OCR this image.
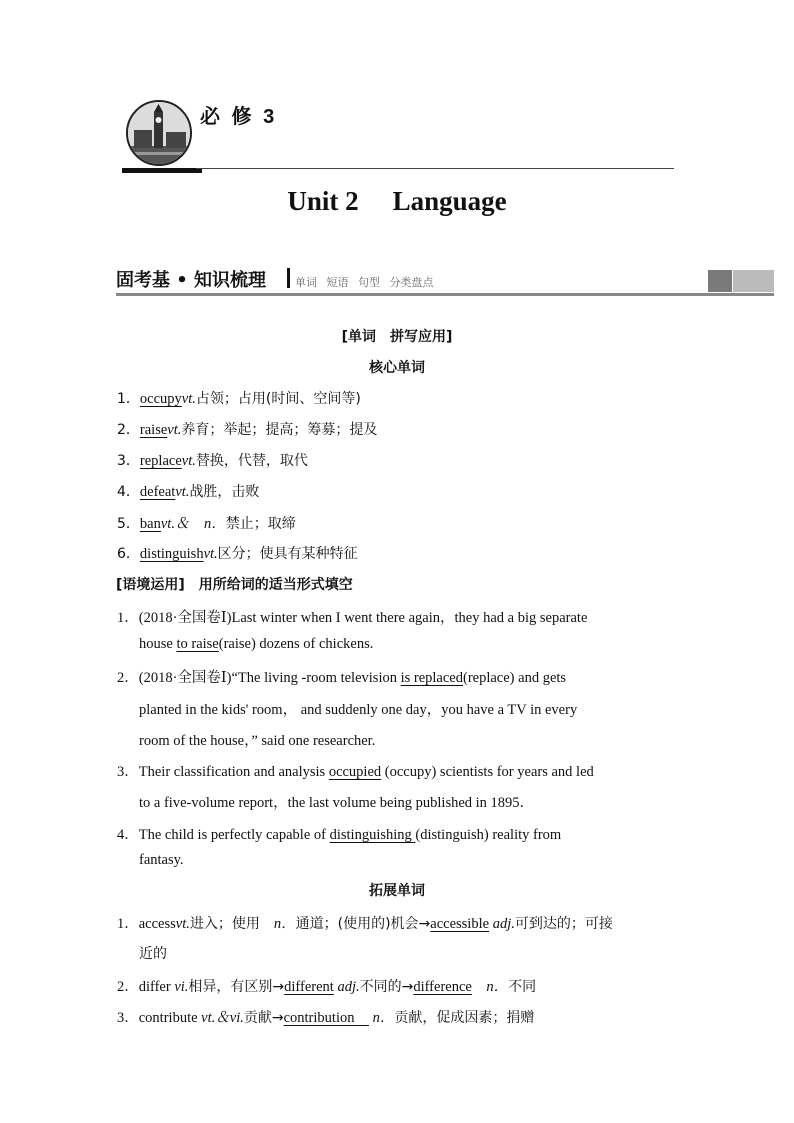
必 修 3
Unit 2 Language
固考基 • 知识梳理	单词 短语 句型 分类盘点
[单词　拼写应用]
核心单词
1．occupyvt.占领；占用(时间、空间等)
2．raisevt.养育；举起；提高；筹募；提及
3．replacevt.替换，代替，取代
4．defeatvt.战胜，击败
5．banvt.＆　n．禁止；取缔
6．distinguishvt.区分；使具有某种特征
[语境运用]　用所给词的适当形式填空
1．(2018·全国卷Ⅰ)Last winter when I went there again，they had a big separate
house to raise(raise) dozens of chickens.
2．(2018·全国卷Ⅰ)“The living -room television is replaced(replace) and gets
planted in the kids' room， and suddenly one day，you have a TV in every
room of the house，” said one researcher.
3．Their classification and analysis occupied (occupy) scientists for years and led
to a five-volume report，the last volume being published in 1895．
4．The child is perfectly capable of distinguishing (distinguish) reality from
fantasy.
拓展单词
1．accessvt.进入；使用　n．通道；(使用的)机会→accessible adj.可到达的；可接
近的
2．differ vi.相异，有区别→different adj.不同的→difference　n．不同
3．contribute vt.＆vi.贡献→contribution　 n．贡献，促成因素；捐赠
